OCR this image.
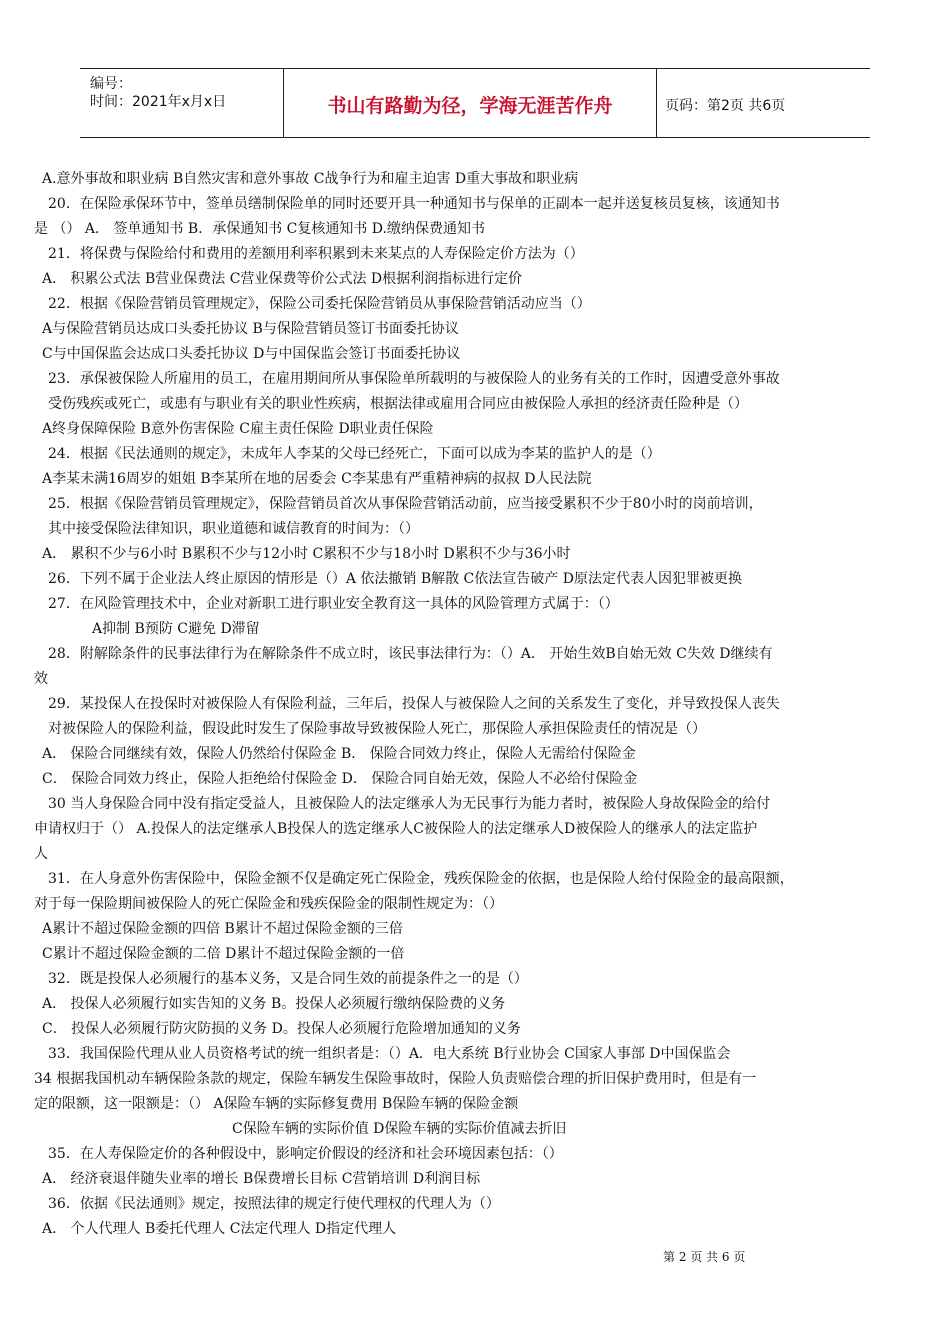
编号：
时间：2021年x月x日	书山有路勤为径，学海无涯苦作舟	页码：第2页 共6页
A.意外事故和职业病 B自然灾害和意外事故 C战争行为和雇主迫害 D重大事故和职业病
20．在保险承保环节中，签单员缮制保险单的同时还要开具一种通知书与保单的正副本一起并送复核员复核，该通知书
是 （） A． 签单通知书 B．承保通知书 C复核通知书 D.缴纳保费通知书
21．将保费与保险给付和费用的差额用利率积累到未来某点的人寿保险定价方法为（）
A． 积累公式法 B营业保费法 C营业保费等价公式法 D根据利润指标进行定价
22．根据《保险营销员管理规定》，保险公司委托保险营销员从事保险营销活动应当（）
A与保险营销员达成口头委托协议 B与保险营销员签订书面委托协议
C与中国保监会达成口头委托协议 D与中国保监会签订书面委托协议
23．承保被保险人所雇用的员工，在雇用期间所从事保险单所载明的与被保险人的业务有关的工作时，因遭受意外事故
受伤残疾或死亡，或患有与职业有关的职业性疾病，根据法律或雇用合同应由被保险人承担的经济责任险种是（）
A终身保障保险 B意外伤害保险 C雇主责任保险 D职业责任保险
24．根据《民法通则的规定》，未成年人李某的父母已经死亡，下面可以成为李某的监护人的是（）
A李某未满16周岁的姐姐 B李某所在地的居委会 C李某患有严重精神病的叔叔 D人民法院
25．根据《保险营销员管理规定》，保险营销员首次从事保险营销活动前，应当接受累积不少于80小时的岗前培训，
其中接受保险法律知识，职业道德和诚信教育的时间为：（）
A． 累积不少与6小时 B累积不少与12小时 C累积不少与18小时 D累积不少与36小时
26．下列不属于企业法人终止原因的情形是（）A 依法撤销 B解散 C依法宣告破产 D原法定代表人因犯罪被更换
27．在风险管理技术中，企业对新职工进行职业安全教育这一具体的风险管理方式属于：（）
A抑制 B预防 C避免 D滞留
28．附解除条件的民事法律行为在解除条件不成立时，该民事法律行为：（）A． 开始生效B自始无效 C失效 D继续有
效
29．某投保人在投保时对被保险人有保险利益，三年后，投保人与被保险人之间的关系发生了变化，并导致投保人丧失
对被保险人的保险利益，假设此时发生了保险事故导致被保险人死亡，那保险人承担保险责任的情况是（）
A． 保险合同继续有效，保险人仍然给付保险金 B． 保险合同效力终止，保险人无需给付保险金
C． 保险合同效力终止，保险人拒绝给付保险金 D． 保险合同自始无效，保险人不必给付保险金
30 当人身保险合同中没有指定受益人，且被保险人的法定继承人为无民事行为能力者时，被保险人身故保险金的给付
申请权归于（） A.投保人的法定继承人B投保人的选定继承人C被保险人的法定继承人D被保险人的继承人的法定监护
人
31．在人身意外伤害保险中，保险金额不仅是确定死亡保险金，残疾保险金的依据，也是保险人给付保险金的最高限额，
对于每一保险期间被保险人的死亡保险金和残疾保险金的限制性规定为：（）
A累计不超过保险金额的四倍 B累计不超过保险金额的三倍
C累计不超过保险金额的二倍 D累计不超过保险金额的一倍
32．既是投保人必须履行的基本义务，又是合同生效的前提条件之一的是（）
A． 投保人必须履行如实告知的义务 B。投保人必须履行缴纳保险费的义务
C． 投保人必须履行防灾防损的义务 D。投保人必须履行危险增加通知的义务
33．我国保险代理从业人员资格考试的统一组织者是：（）A．电大系统 B行业协会 C国家人事部 D中国保监会
34 根据我国机动车辆保险条款的规定，保险车辆发生保险事故时，保险人负责赔偿合理的折旧保护费用时，但是有一
定的限额，这一限额是：（） A保险车辆的实际修复费用 B保险车辆的保险金额
C保险车辆的实际价值 D保险车辆的实际价值减去折旧
35．在人寿保险定价的各种假设中，影响定价假设的经济和社会环境因素包括：（）
A． 经济衰退伴随失业率的增长 B保费增长目标 C营销培训 D利润目标
36．依据《民法通则》规定，按照法律的规定行使代理权的代理人为（）
A． 个人代理人 B委托代理人 C法定代理人 D指定代理人
第 2 页 共 6 页
